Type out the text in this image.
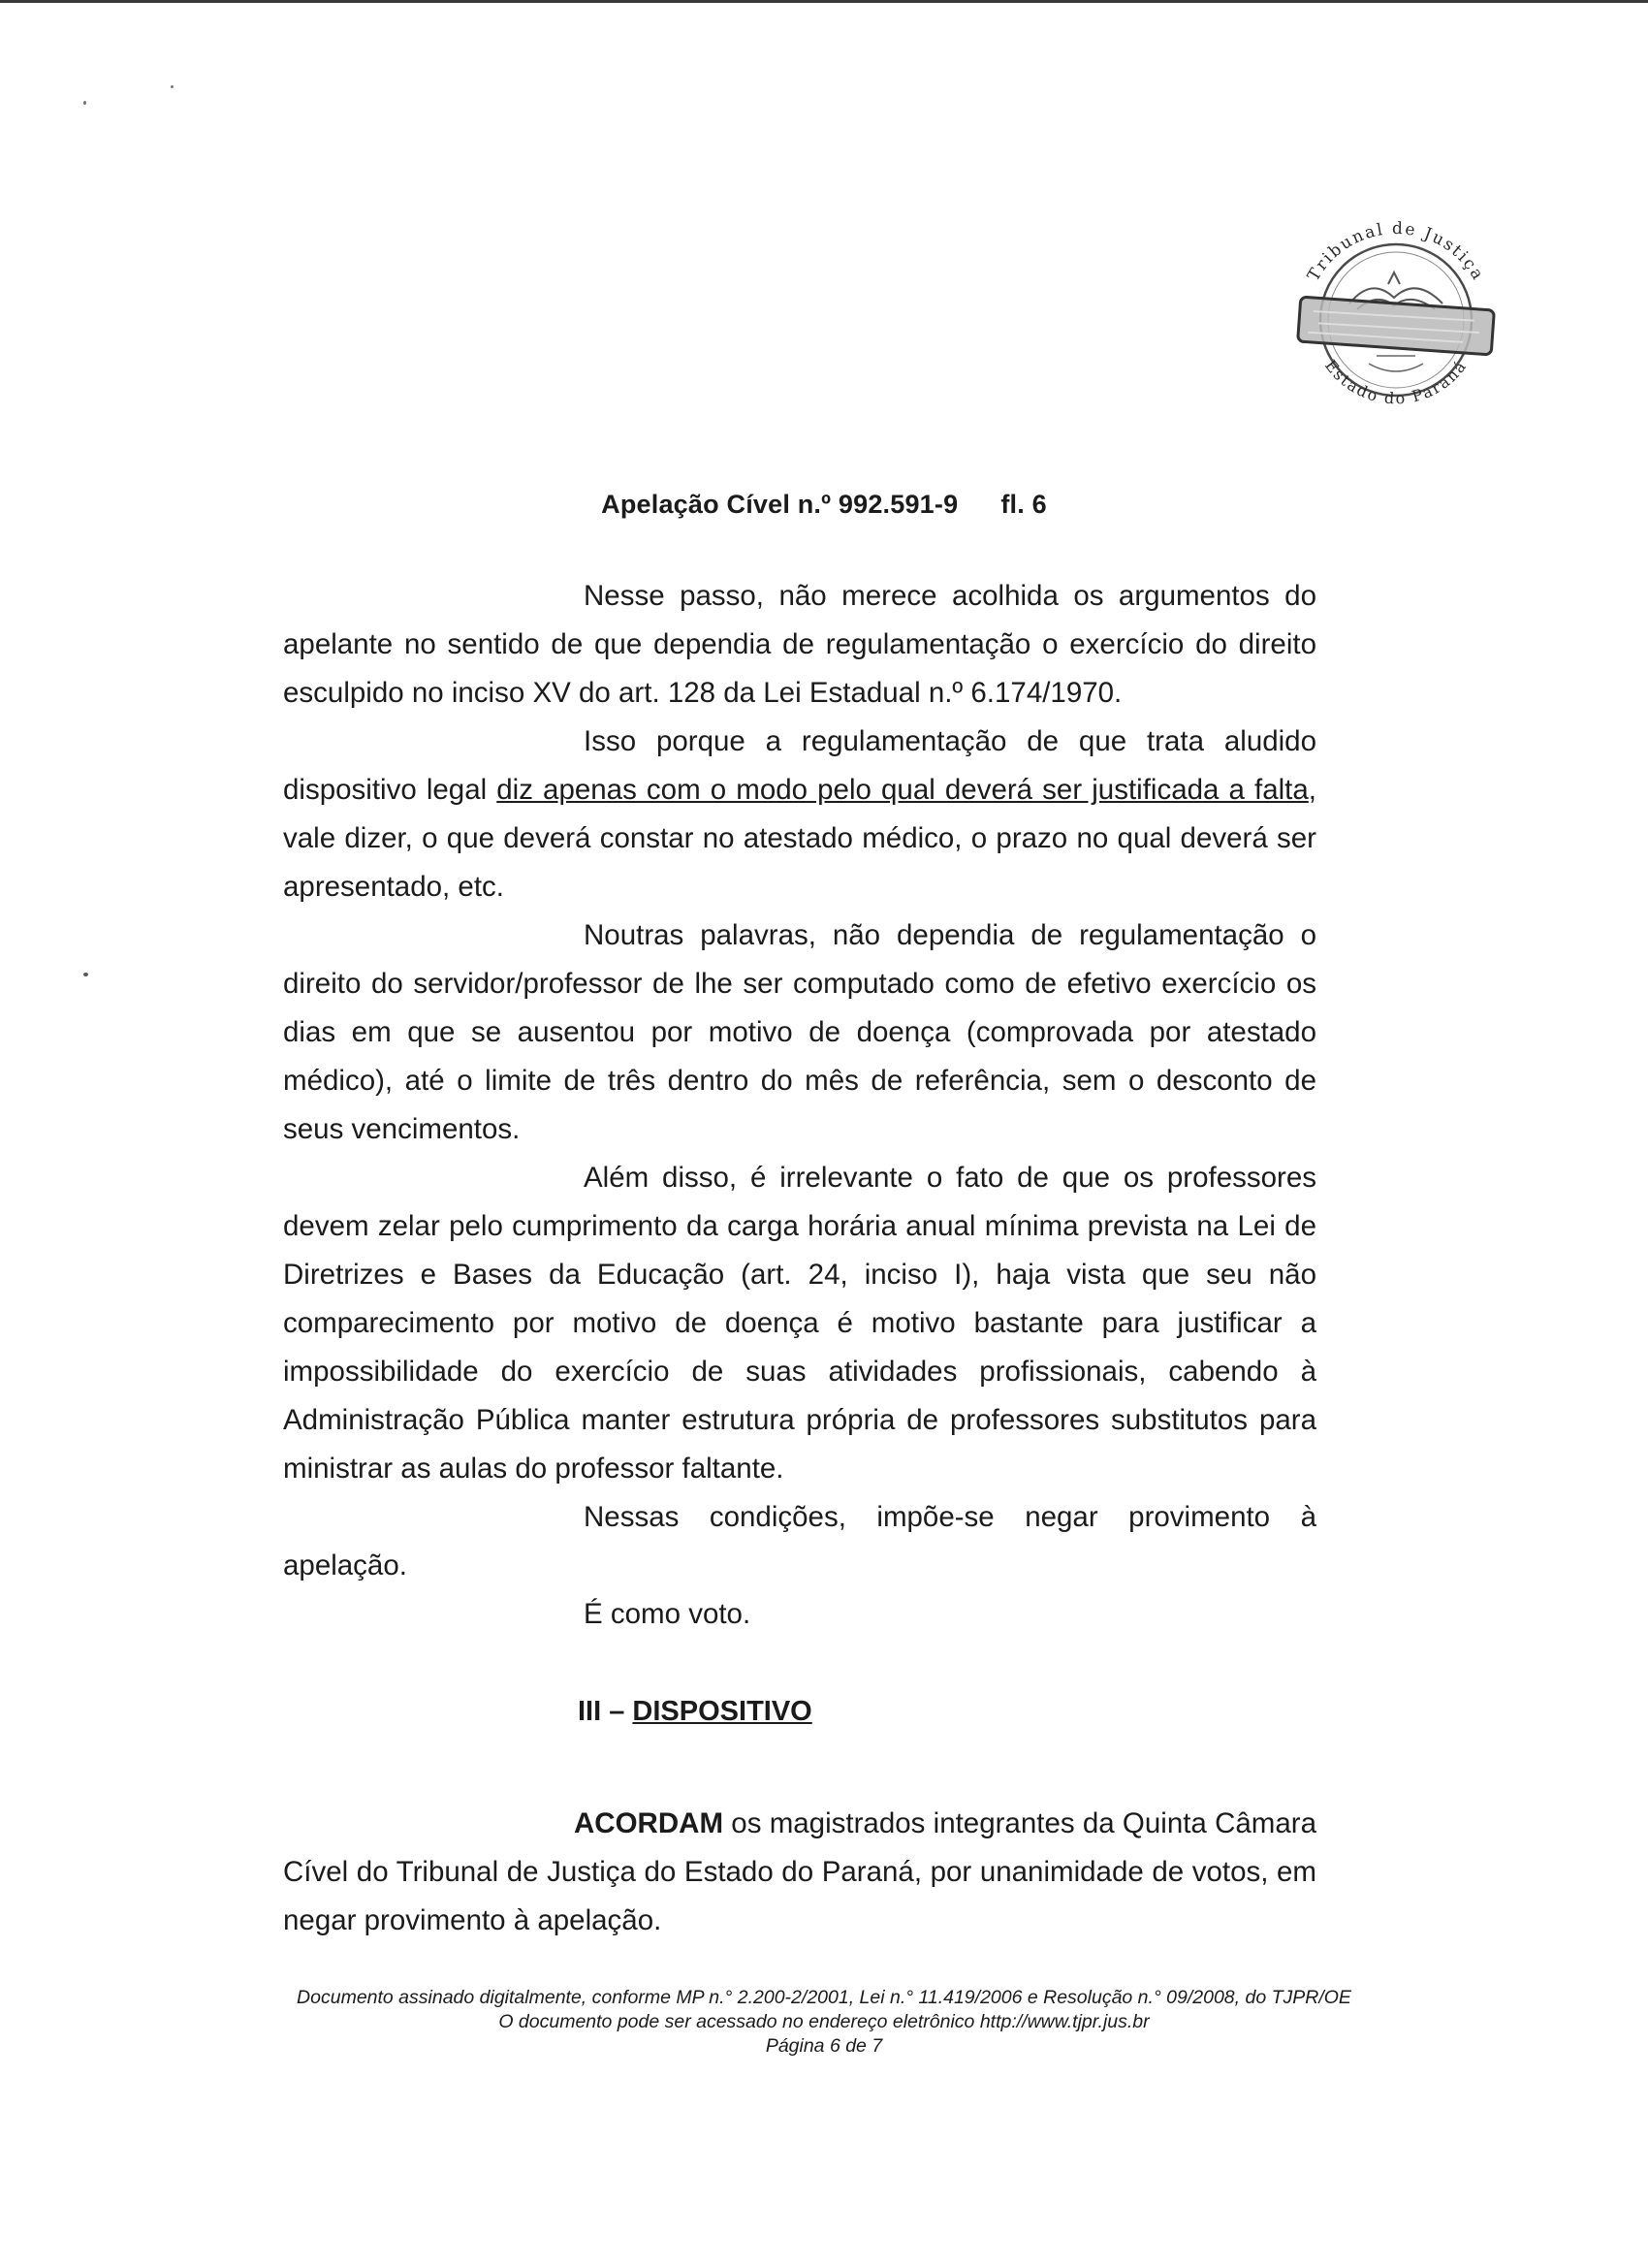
Tribunal de Justiça
Estado do Paraná
Apelação Cível n.º 992.591-9 fl. 6

Nesse passo, não merece acolhida os argumentos do apelante no sentido de que dependia de regulamentação o exercício do direito esculpido no inciso XV do art. 128 da Lei Estadual n.º 6.174/1970.

Isso porque a regulamentação de que trata aludido dispositivo legal diz apenas com o modo pelo qual deverá ser justificada a falta, vale dizer, o que deverá constar no atestado médico, o prazo no qual deverá ser apresentado, etc.

Noutras palavras, não dependia de regulamentação o direito do servidor/professor de lhe ser computado como de efetivo exercício os dias em que se ausentou por motivo de doença (comprovada por atestado médico), até o limite de três dentro do mês de referência, sem o desconto de seus vencimentos.

Além disso, é irrelevante o fato de que os professores devem zelar pelo cumprimento da carga horária anual mínima prevista na Lei de Diretrizes e Bases da Educação (art. 24, inciso I), haja vista que seu não comparecimento por motivo de doença é motivo bastante para justificar a impossibilidade do exercício de suas atividades profissionais, cabendo à Administração Pública manter estrutura própria de professores substitutos para ministrar as aulas do professor faltante.

Nessas condições, impõe-se negar provimento à apelação.

É como voto.

III – DISPOSITIVO

ACORDAM os magistrados integrantes da Quinta Câmara Cível do Tribunal de Justiça do Estado do Paraná, por unanimidade de votos, em negar provimento à apelação.

Documento assinado digitalmente, conforme MP n.° 2.200-2/2001, Lei n.° 11.419/2006 e Resolução n.° 09/2008, do TJPR/OE
O documento pode ser acessado no endereço eletrônico http://www.tjpr.jus.br
Página 6 de 7
